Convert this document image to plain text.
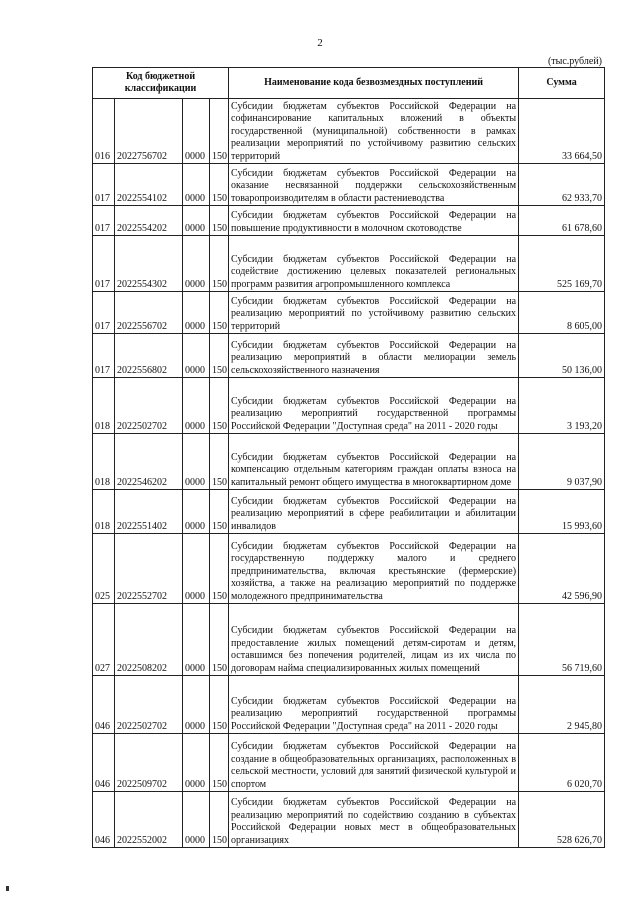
2
(тыс.рублей)
Код бюджетной классификации				Наименование кода безвозмездных поступлений	Сумма
016	2022756702	0000	150	Субсидии бюджетам субъектов Российской Федерации на софинансирование капитальных вложений в объекты государственной (муниципальной) собственности в рамках реализации мероприятий по устойчивому развитию сельских территорий	33 664,50
017	2022554102	0000	150	Субсидии бюджетам субъектов Российской Федерации на оказание несвязанной поддержки сельскохозяйственным товаропроизводителям в области растениеводства	62 933,70
017	2022554202	0000	150	Субсидии бюджетам субъектов Российской Федерации на повышение продуктивности в молочном скотоводстве	61 678,60
017	2022554302	0000	150	Субсидии бюджетам субъектов Российской Федерации на содействие достижению целевых показателей региональных программ развития агропромышленного комплекса	525 169,70
017	2022556702	0000	150	Субсидии бюджетам субъектов Российской Федерации на реализацию мероприятий по устойчивому развитию сельских территорий	8 605,00
017	2022556802	0000	150	Субсидии бюджетам субъектов Российской Федерации на реализацию мероприятий в области мелиорации земель сельскохозяйственного назначения	50 136,00
018	2022502702	0000	150	Субсидии бюджетам субъектов Российской Федерации на реализацию мероприятий государственной программы Российской Федерации "Доступная среда" на 2011 - 2020 годы	3 193,20
018	2022546202	0000	150	Субсидии бюджетам субъектов Российской Федерации на компенсацию отдельным категориям граждан оплаты взноса на капитальный ремонт общего имущества в многоквартирном доме	9 037,90
018	2022551402	0000	150	Субсидии бюджетам субъектов Российской Федерации на реализацию мероприятий в сфере реабилитации и абилитации инвалидов	15 993,60
025	2022552702	0000	150	Субсидии бюджетам субъектов Российской Федерации на государственную поддержку малого и среднего предпринимательства, включая крестьянские (фермерские) хозяйства, а также на реализацию мероприятий по поддержке молодежного предпринимательства	42 596,90
027	2022508202	0000	150	Субсидии бюджетам субъектов Российской Федерации на предоставление жилых помещений детям-сиротам и детям, оставшимся без попечения родителей, лицам из их числа по договорам найма специализированных жилых помещений	56 719,60
046	2022502702	0000	150	Субсидии бюджетам субъектов Российской Федерации на реализацию мероприятий государственной программы Российской Федерации "Доступная среда" на 2011 - 2020 годы	2 945,80
046	2022509702	0000	150	Субсидии бюджетам субъектов Российской Федерации на создание в общеобразовательных организациях, расположенных в сельской местности, условий для занятий физической культурой и спортом	6 020,70
046	2022552002	0000	150	Субсидии бюджетам субъектов Российской Федерации на реализацию мероприятий по содействию созданию в субъектах Российской Федерации новых мест в общеобразовательных организациях	528 626,70
